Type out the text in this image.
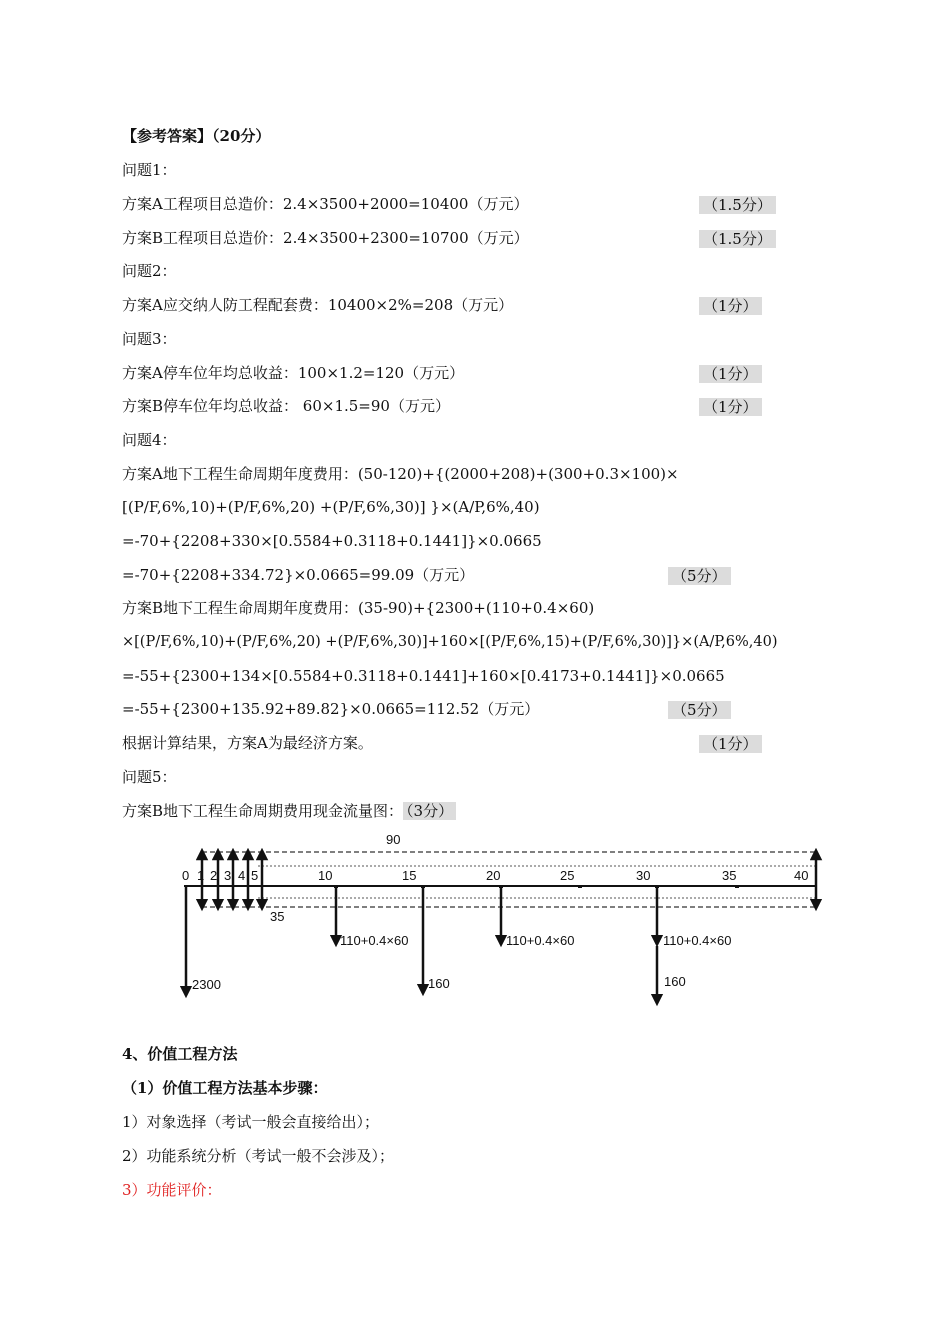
【参考答案】（20分）
问题1：
方案A工程项目总造价：2.4×3500+2000=10400（万元）	（1.5分）
方案B工程项目总造价：2.4×3500+2300=10700（万元）	（1.5分）
问题2：
方案A应交纳人防工程配套费：10400×2%=208（万元）	（1分）
问题3：
方案A停车位年均总收益：100×1.2=120（万元）	（1分）
方案B停车位年均总收益： 60×1.5=90（万元）	（1分）
问题4：
方案A地下工程生命周期年度费用：(50-120)+{(2000+208)+(300+0.3×100)×
[(P/F,6%,10)+(P/F,6%,20) +(P/F,6%,30)] }×(A/P,6%,40)
=-70+{2208+330×[0.5584+0.3118+0.1441]}×0.0665
=-70+{2208+334.72}×0.0665=99.09（万元）	（5分）
方案B地下工程生命周期年度费用：(35-90)+{2300+(110+0.4×60)
×[(P/F,6%,10)+(P/F,6%,20) +(P/F,6%,30)]+160×[(P/F,6%,15)+(P/F,6%,30)]}×(A/P,6%,40)
=-55+{2300+134×[0.5584+0.3118+0.1441]+160×[0.4173+0.1441]}×0.0665
=-55+{2300+135.92+89.82}×0.0665=112.52（万元）	（5分）
根据计算结果，方案A为最经济方案。	（1分）
问题5：
方案B地下工程生命周期费用现金流量图： （3分）
90
35
0 1 2 3 4 5	10	15	20	25	30	35	40
2300
110+0.4×60	110+0.4×60	110+0.4×60
160	160
4、价值工程方法
（1）价值工程方法基本步骤：
1）对象选择（考试一般会直接给出）；
2）功能系统分析（考试一般不会涉及）；
3）功能评价：
